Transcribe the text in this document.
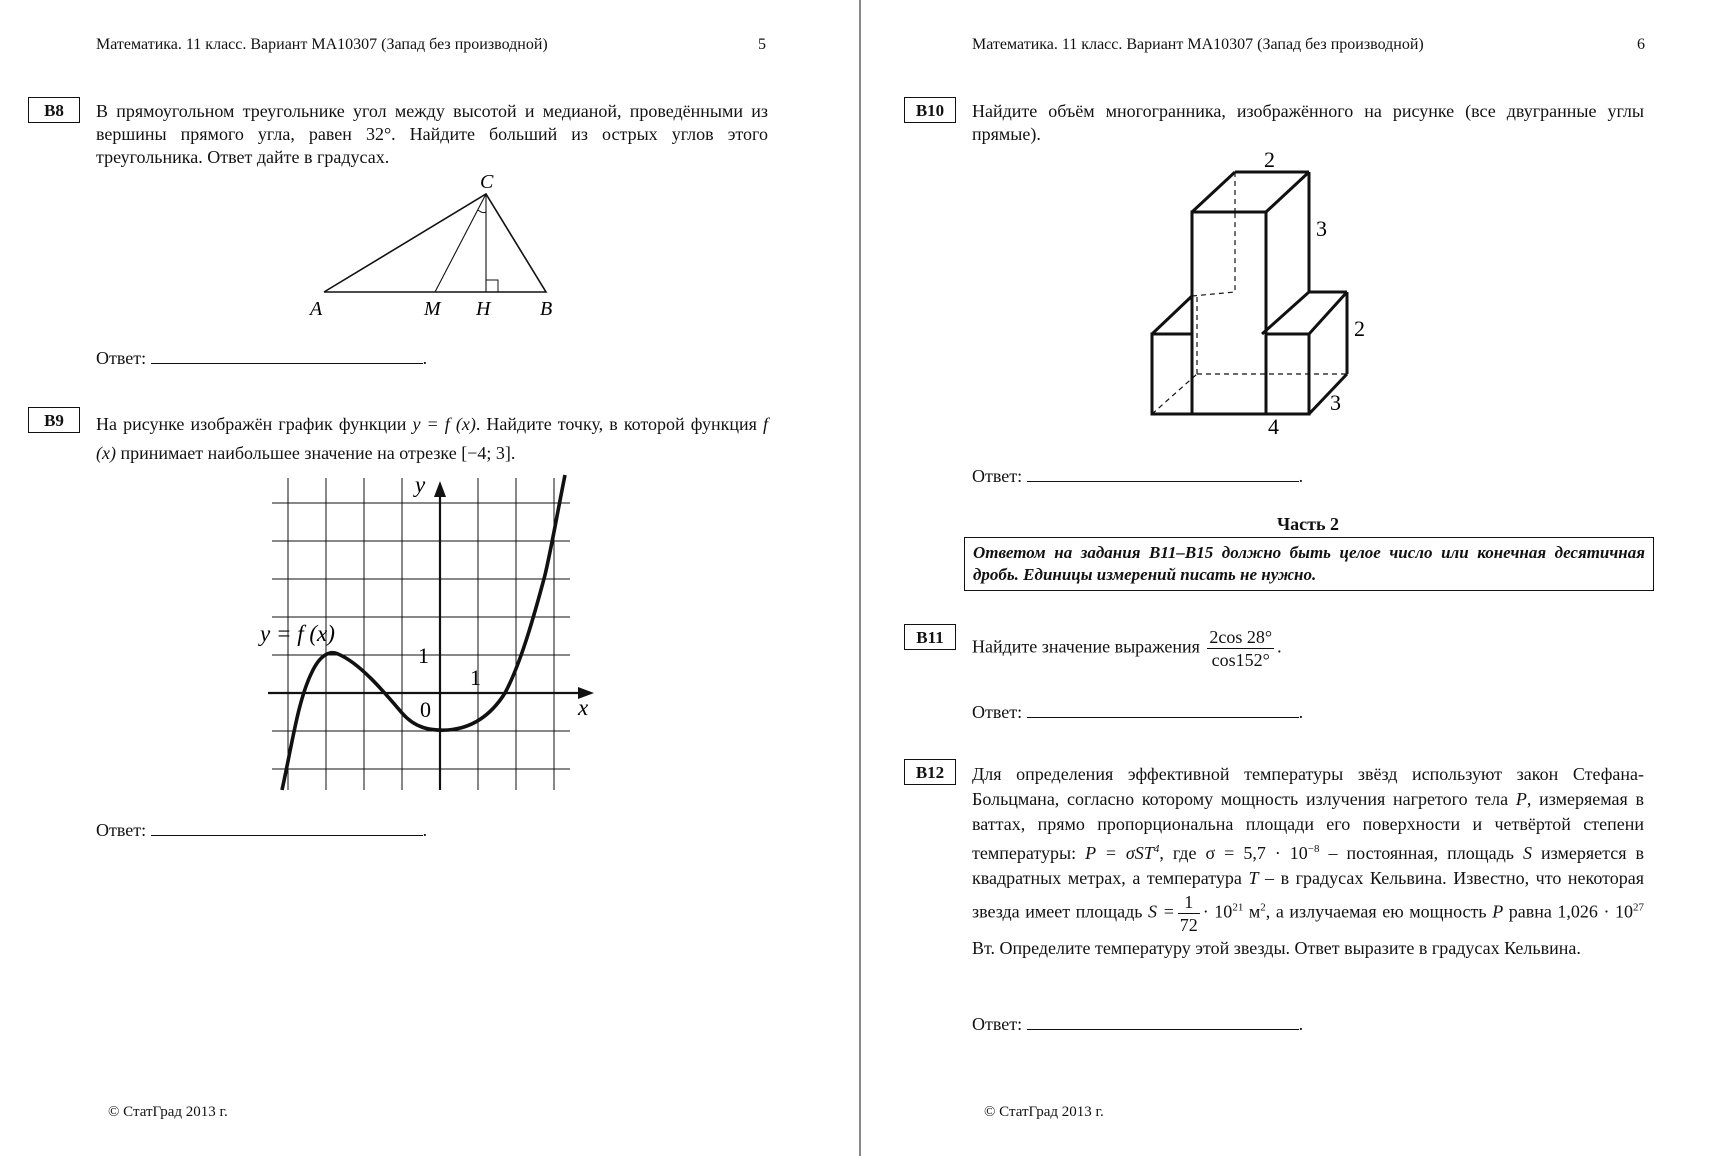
Математика. 11 класс. Вариант МА10307 (Запад без производной)	5
B8	В прямоугольном треугольнике угол между высотой и медианой, проведёнными из вершины прямого угла, равен 32°. Найдите больший из острых углов этого треугольника. Ответ дайте в градусах.
C
A	M H B
Ответ:	.
B9	На рисунке изображён график функции y = f (x). Найдите точку, в которой функция f (x) принимает наибольшее значение на отрезке [−4; 3].
y = f (x)
y
x
1
1
0
Ответ:	.
© СтатГрад 2013 г.
Математика. 11 класс. Вариант МА10307 (Запад без производной)	6
B10	Найдите объём многогранника, изображённого на рисунке (все двугранные углы прямые).
2
3
2
3
4
Ответ:	.
Часть 2
Ответом на задания B11–B15 должно быть целое число или конечная десятичная дробь. Единицы измерений писать не нужно.
B11	Найдите значение выражения $\frac{2\cos 28^\circ}{\cos 152^\circ}$ .
Ответ:	.
B12	Для определения эффективной температуры звёзд используют закон Стефана-Больцмана, согласно которому мощность излучения нагретого тела P, измеряемая в ваттах, прямо пропорциональна площади его поверхности и четвёртой степени температуры: P = σST$^4$, где $\sigma = 5,7 \cdot 10^{-8}$ – постоянная, площадь S измеряется в квадратных метрах, а температура T – в градусах Кельвина. Известно, что некоторая звезда имеет площадь $S = \frac{1}{72} \cdot 10^{21}$ $м^2$, а излучаемая ею мощность P равна $1,026 \cdot 10^{27}$ Вт. Определите температуру этой звезды. Ответ выразите в градусах Кельвина.
Ответ:	.
© СтатГрад 2013 г.
